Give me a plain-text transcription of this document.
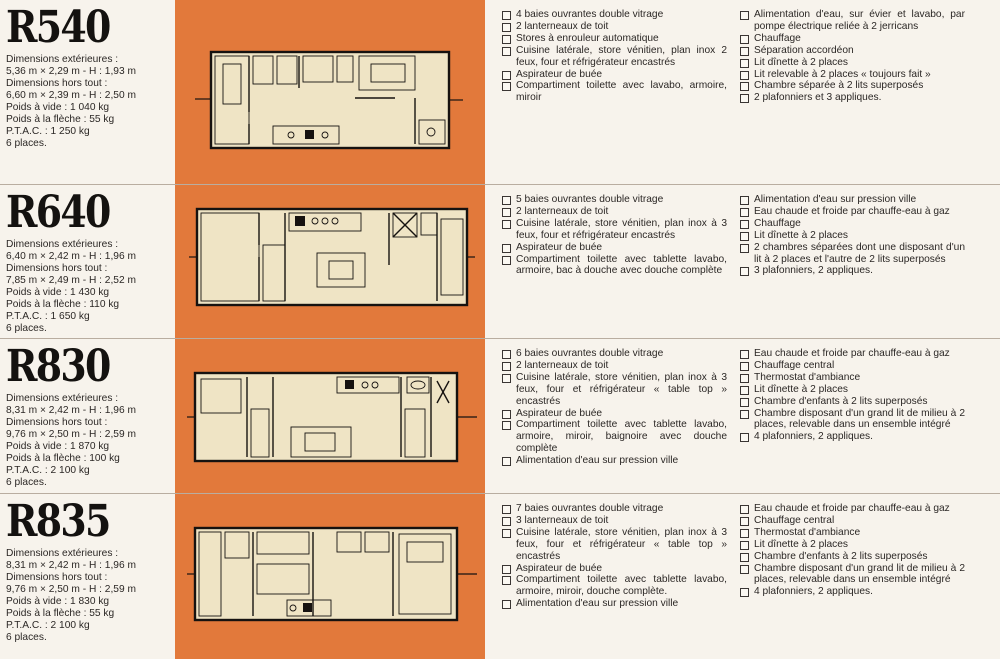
R540
Dimensions extérieures :
5,36 m × 2,29 m - H : 1,93 m
Dimensions hors tout :
6,60 m × 2,39 m - H : 2,50 m
Poids à vide : 1 040 kg
Poids à la flèche : 55 kg
P.T.A.C. : 1 250 kg
6 places.
4 baies ouvrantes double vitrage
2 lanterneaux de toit
Stores à enrouleur automatique
Cuisine latérale, store vénitien, plan inox 2 feux, four et réfrigérateur encastrés
Aspirateur de buée
Compartiment toilette avec lavabo, armoire, miroir
Alimentation d'eau, sur évier et lavabo, par pompe électrique reliée à 2 jerricans
Chauffage
Séparation accordéon
Lit dînette à 2 places
Lit relevable à 2 places « toujours fait »
Chambre séparée à 2 lits superposés
2 plafonniers et 3 appliques.
R640
Dimensions extérieures :
6,40 m × 2,42 m - H : 1,96 m
Dimensions hors tout :
7,85 m × 2,49 m - H : 2,52 m
Poids à vide : 1 430 kg
Poids à la flèche : 110 kg
P.T.A.C. : 1 650 kg
6 places.
5 baies ouvrantes double vitrage
2 lanterneaux de toit
Cuisine latérale, store vénitien, plan inox à 3 feux, four et réfrigérateur encastrés
Aspirateur de buée
Compartiment toilette avec tablette lavabo, armoire, bac à douche avec douche complète
Alimentation d'eau sur pression ville
Eau chaude et froide par chauffe-eau à gaz
Chauffage
Lit dînette à 2 places
2 chambres séparées dont une disposant d'un lit à 2 places et l'autre de 2 lits superposés
3 plafonniers, 2 appliques.
R830
Dimensions extérieures :
8,31 m × 2,42 m - H : 1,96 m
Dimensions hors tout :
9,76 m × 2,50 m - H : 2,59 m
Poids à vide : 1 870 kg
Poids à la flèche : 100 kg
P.T.A.C. : 2 100 kg
6 places.
6 baies ouvrantes double vitrage
2 lanterneaux de toit
Cuisine latérale, store vénitien, plan inox à 3 feux, four et réfrigérateur « table top » encastrés
Aspirateur de buée
Compartiment toilette avec tablette lavabo, armoire, miroir, baignoire avec douche complète
Alimentation d'eau sur pression ville
Eau chaude et froide par chauffe-eau à gaz
Chauffage central
Thermostat d'ambiance
Lit dînette à 2 places
Chambre d'enfants à 2 lits superposés
Chambre disposant d'un grand lit de milieu à 2 places, relevable dans un ensemble intégré
4 plafonniers, 2 appliques.
R835
Dimensions extérieures :
8,31 m × 2,42 m - H : 1,96 m
Dimensions hors tout :
9,76 m × 2,50 m - H : 2,59 m
Poids à vide : 1 830 kg
Poids à la flèche : 55 kg
P.T.A.C. : 2 100 kg
6 places.
7 baies ouvrantes double vitrage
3 lanterneaux de toit
Cuisine latérale, store vénitien, plan inox à 3 feux, four et réfrigérateur « table top » encastrés
Aspirateur de buée
Compartiment toilette avec tablette lavabo, armoire, miroir, douche complète.
Alimentation d'eau sur pression ville
Eau chaude et froide par chauffe-eau à gaz
Chauffage central
Thermostat d'ambiance
Lit dînette à 2 places
Chambre d'enfants à 2 lits superposés
Chambre disposant d'un grand lit de milieu à 2 places, relevable dans un ensemble intégré
4 plafonniers, 2 appliques.
